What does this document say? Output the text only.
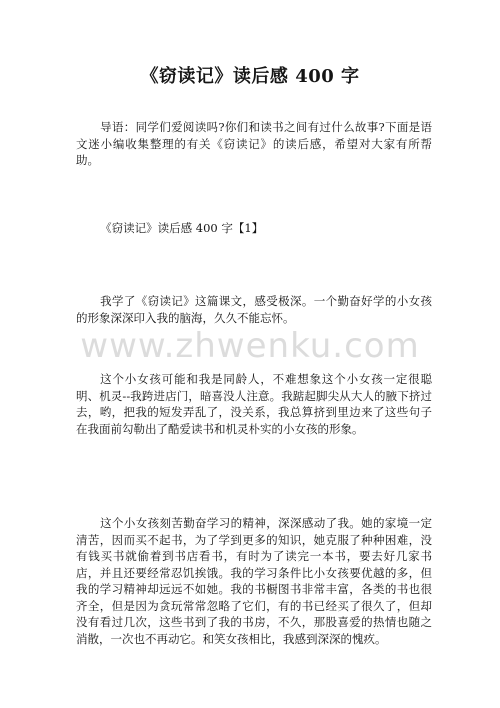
《窃读记》读后感 400 字

导语：同学们爱阅读吗?你们和读书之间有过什么故事?下面是语文迷小编收集整理的有关《窃读记》的读后感，希望对大家有所帮助。

《窃读记》读后感 400 字【1】

我学了《窃读记》这篇课文，感受极深。一个勤奋好学的小女孩的形象深深印入我的脑海，久久不能忘怀。

www.zhwenku.com

这个小女孩可能和我是同龄人，不难想象这个小女孩一定很聪明、机灵--我跨进店门，暗喜没人注意。我踮起脚尖从大人的腋下挤过去，哟，把我的短发弄乱了，没关系，我总算挤到里边来了这些句子在我面前勾勒出了酷爱读书和机灵朴实的小女孩的形象。

这个小女孩刻苦勤奋学习的精神，深深感动了我。她的家境一定清苦，因而买不起书，为了学到更多的知识，她克服了种种困难，没有钱买书就偷着到书店看书，有时为了读完一本书，要去好几家书店，并且还要经常忍饥挨饿。我的学习条件比小女孩要优越的多，但我的学习精神却远远不如她。我的书橱图书非常丰富，各类的书也很齐全，但是因为贪玩常常忽略了它们，有的书已经买了很久了，但却没有看过几次，这些书到了我的书房，不久，那股喜爱的热情也随之消散，一次也不再动它。和笑女孩相比，我感到深深的愧疚。
